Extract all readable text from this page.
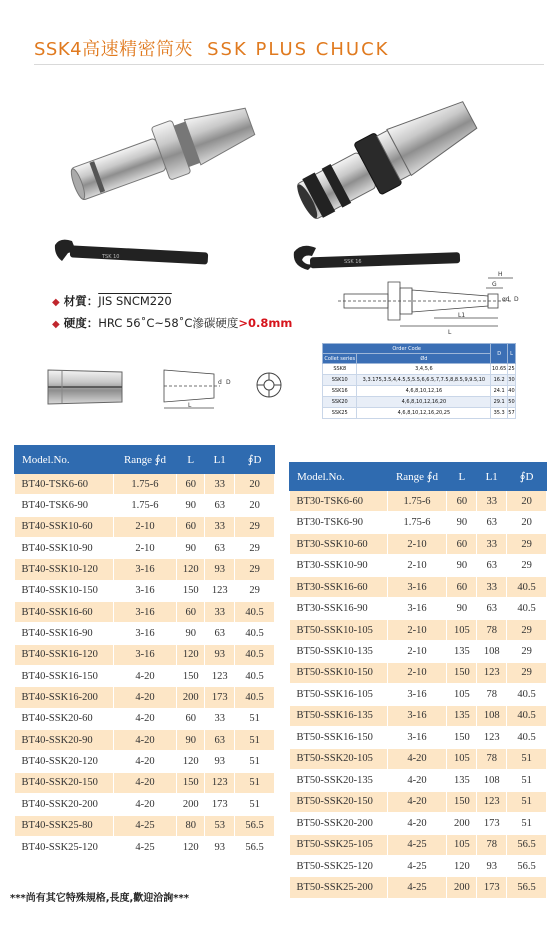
SSK4高速精密筒夾 SSK PLUS CHUCK
TSK 10
SSK 16
◆ 材質：JIS SNCM220
◆ 硬度：HRC 56˚C~58˚C滲碳硬度>0.8mm
H
G
ød D
L1
L
d D
L
Order Code		D	L
Collet series	Ød		
SSK8	3,4,5,6	10.65	25
SSK10	3,3.175,3.5,4,4.5,5,5.5,6,6.5,7,7.5,8,8.5,9,9.5,10	16.2	30
SSK16	4,6,8,10,12,16	24.1	40
SSK20	4,6,8,10,12,16,20	29.1	50
SSK25	4,6,8,10,12,16,20,25	35.3	57
Model.No.	Range ∮d	L	L1	∮D
BT40-TSK6-60	1.75-6	60	33	20
BT40-TSK6-90	1.75-6	90	63	20
BT40-SSK10-60	2-10	60	33	29
BT40-SSK10-90	2-10	90	63	29
BT40-SSK10-120	3-16	120	93	29
BT40-SSK10-150	3-16	150	123	29
BT40-SSK16-60	3-16	60	33	40.5
BT40-SSK16-90	3-16	90	63	40.5
BT40-SSK16-120	3-16	120	93	40.5
BT40-SSK16-150	4-20	150	123	40.5
BT40-SSK16-200	4-20	200	173	40.5
BT40-SSK20-60	4-20	60	33	51
BT40-SSK20-90	4-20	90	63	51
BT40-SSK20-120	4-20	120	93	51
BT40-SSK20-150	4-20	150	123	51
BT40-SSK20-200	4-20	200	173	51
BT40-SSK25-80	4-25	80	53	56.5
BT40-SSK25-120	4-25	120	93	56.5
Model.No.	Range ∮d	L	L1	∮D
BT30-TSK6-60	1.75-6	60	33	20
BT30-TSK6-90	1.75-6	90	63	20
BT30-SSK10-60	2-10	60	33	29
BT30-SSK10-90	2-10	90	63	29
BT30-SSK16-60	3-16	60	33	40.5
BT30-SSK16-90	3-16	90	63	40.5
BT50-SSK10-105	2-10	105	78	29
BT50-SSK10-135	2-10	135	108	29
BT50-SSK10-150	2-10	150	123	29
BT50-SSK16-105	3-16	105	78	40.5
BT50-SSK16-135	3-16	135	108	40.5
BT50-SSK16-150	3-16	150	123	40.5
BT50-SSK20-105	4-20	105	78	51
BT50-SSK20-135	4-20	135	108	51
BT50-SSK20-150	4-20	150	123	51
BT50-SSK20-200	4-20	200	173	51
BT50-SSK25-105	4-25	105	78	56.5
BT50-SSK25-120	4-25	120	93	56.5
BT50-SSK25-200	4-25	200	173	56.5
***尚有其它特殊規格,長度,歡迎洽詢***
